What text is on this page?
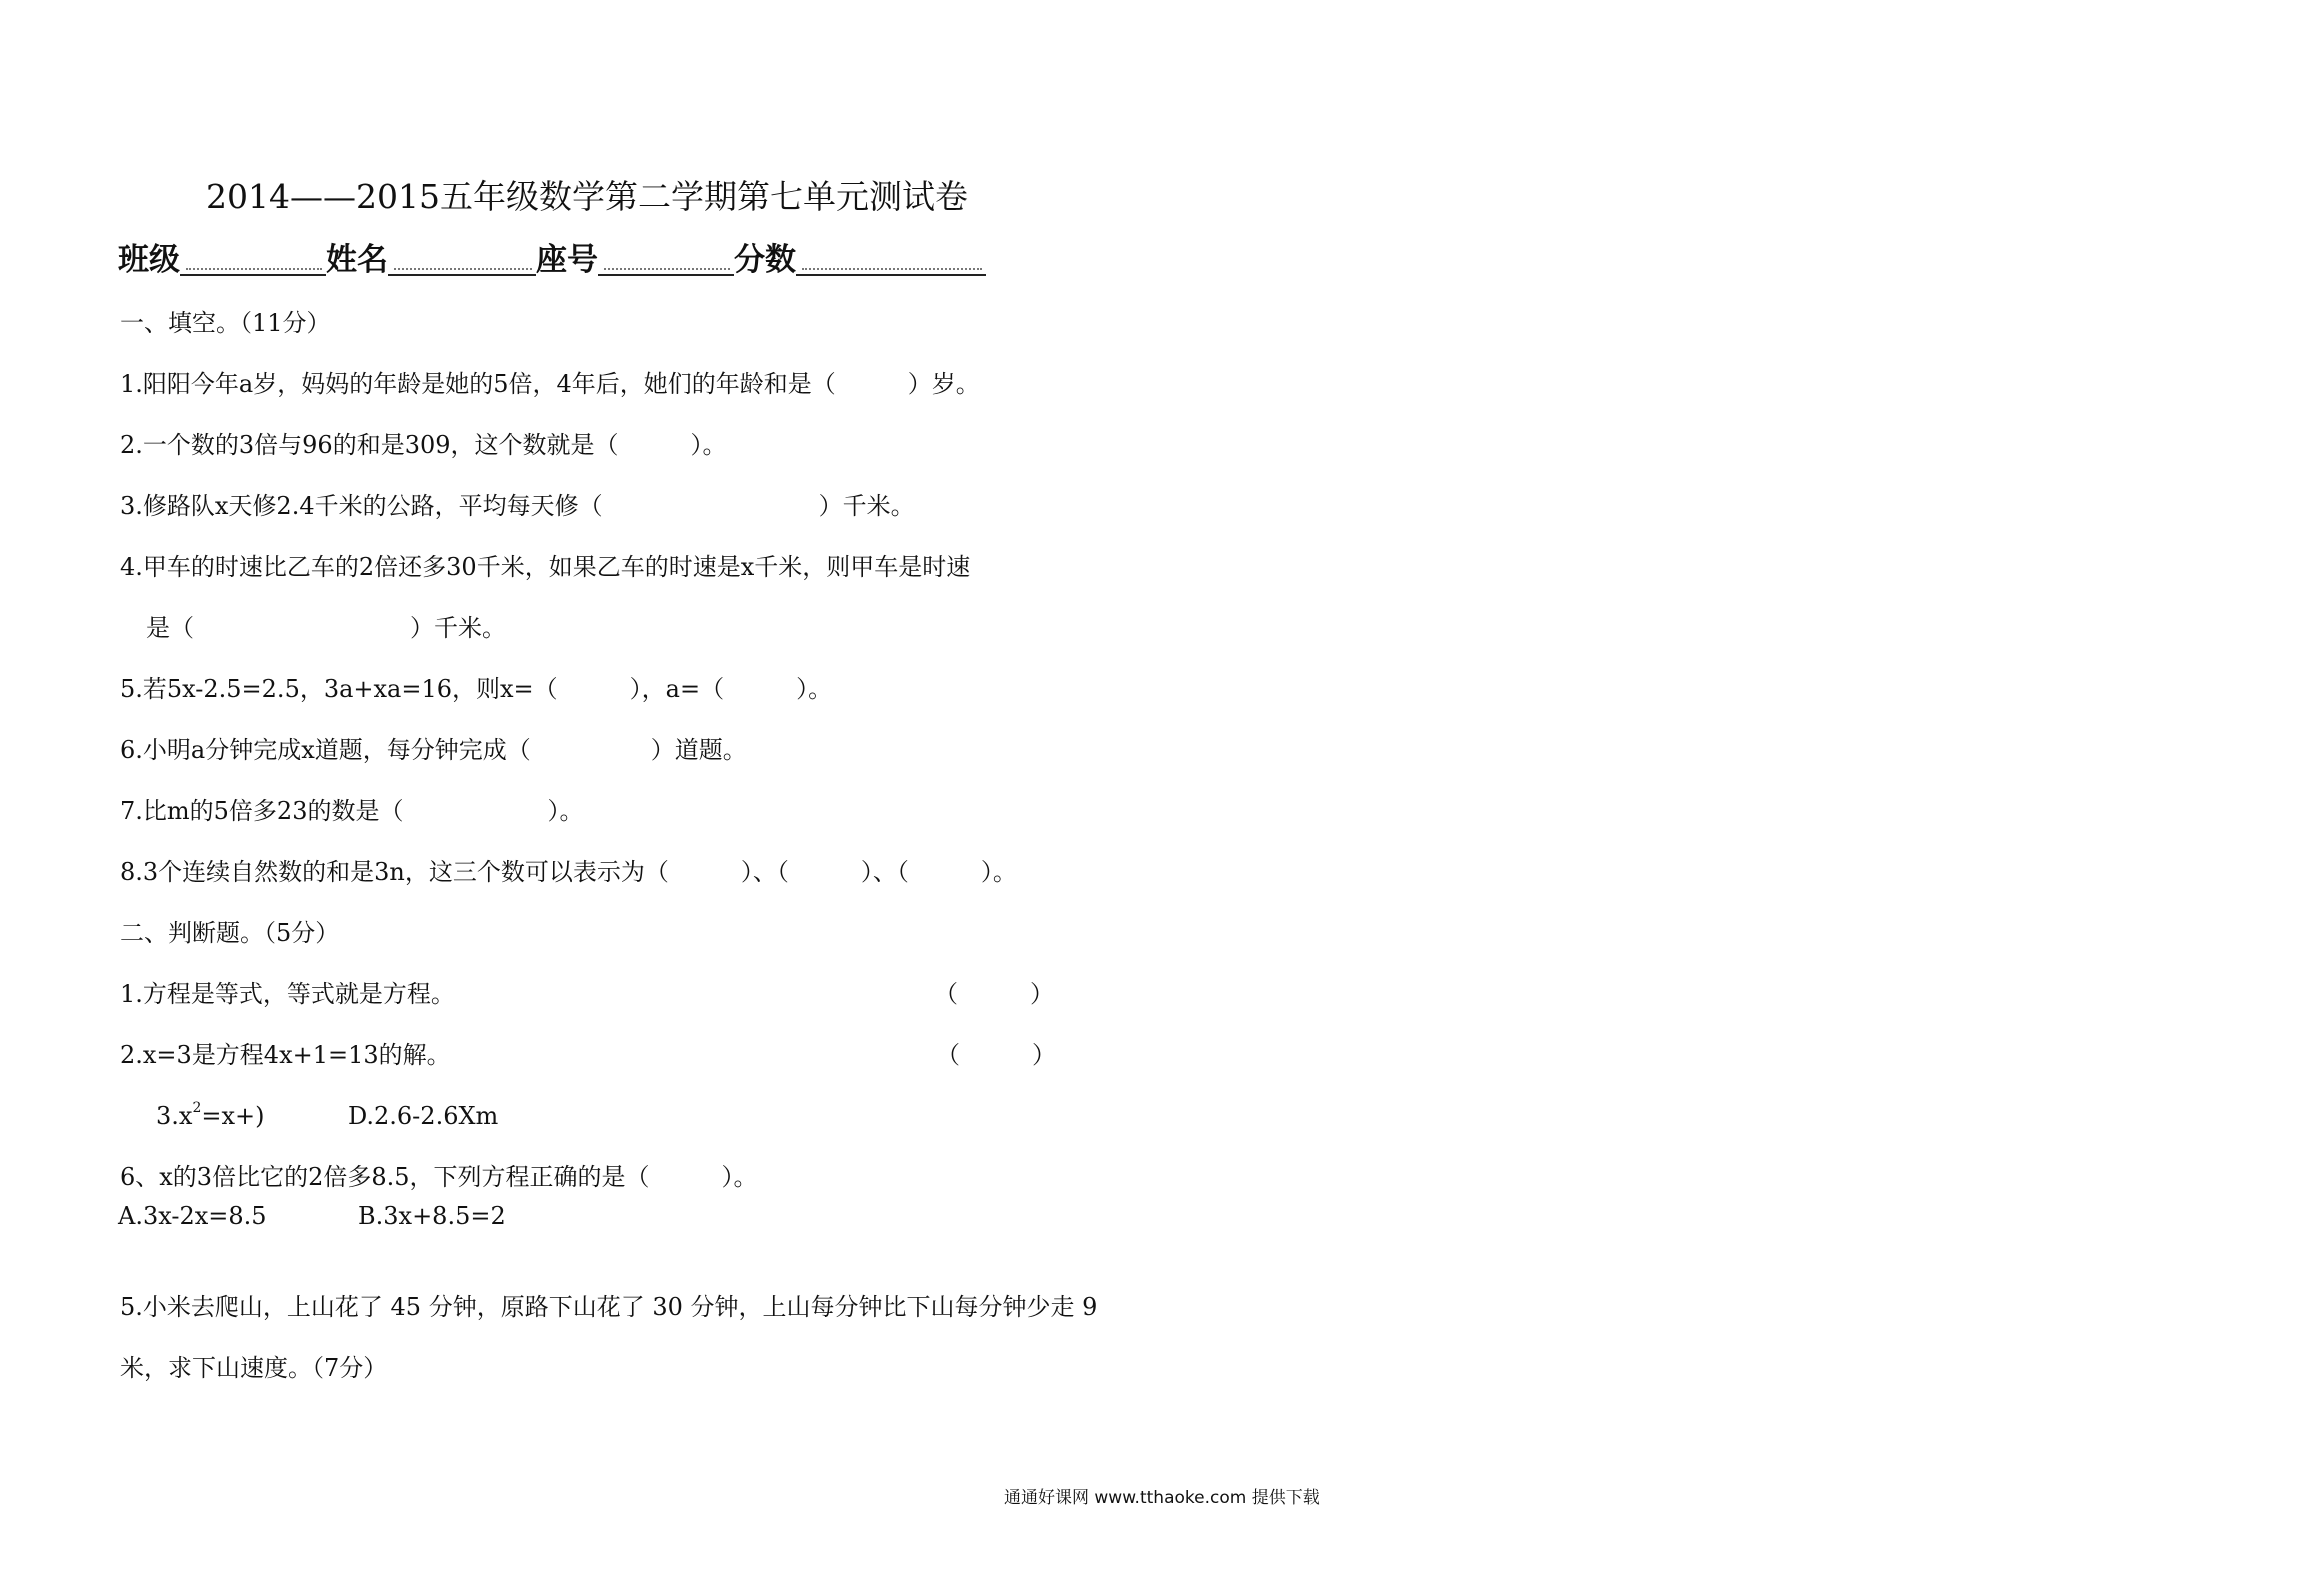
2014——2015五年级数学第二学期第七单元测试卷
班级	姓名	座号	分数
一、填空。（11分）
1.阳阳今年a岁，妈妈的年龄是她的5倍，4年后，她们的年龄和是（　　　）岁。
2.一个数的3倍与96的和是309，这个数就是（　　　）。
3.修路队x天修2.4千米的公路，平均每天修（　　　　　　　　　）千米。
4.甲车的时速比乙车的2倍还多30千米，如果乙车的时速是x千米，则甲车是时速
是（　　　　　　　　　）千米。
5.若5x-2.5=2.5，3a+xa=16，则x=（　　　），a=（　　　）。
6.小明a分钟完成x道题，每分钟完成（　　　　　）道题。
7.比m的5倍多23的数是（　　　　　　）。
8.3个连续自然数的和是3n，这三个数可以表示为（　　　）、（　　　）、（　　　）。
二、判断题。（5分）
1.方程是等式，等式就是方程。	（　　　）
2.x=3是方程4x+1=13的解。	（　　　）
$3.x^2=x+$)	D.2.6-2.6Xm
6、x的3倍比它的2倍多8.5，下列方程正确的是（　　　）。
A.3x-2x=8.5	B.3x+8.5=2
5.小米去爬山，上山花了 45 分钟，原路下山花了 30 分钟，上山每分钟比下山每分钟少走 9
米，求下山速度。（7分）
通通好课网 www.tthaoke.com 提供下载
